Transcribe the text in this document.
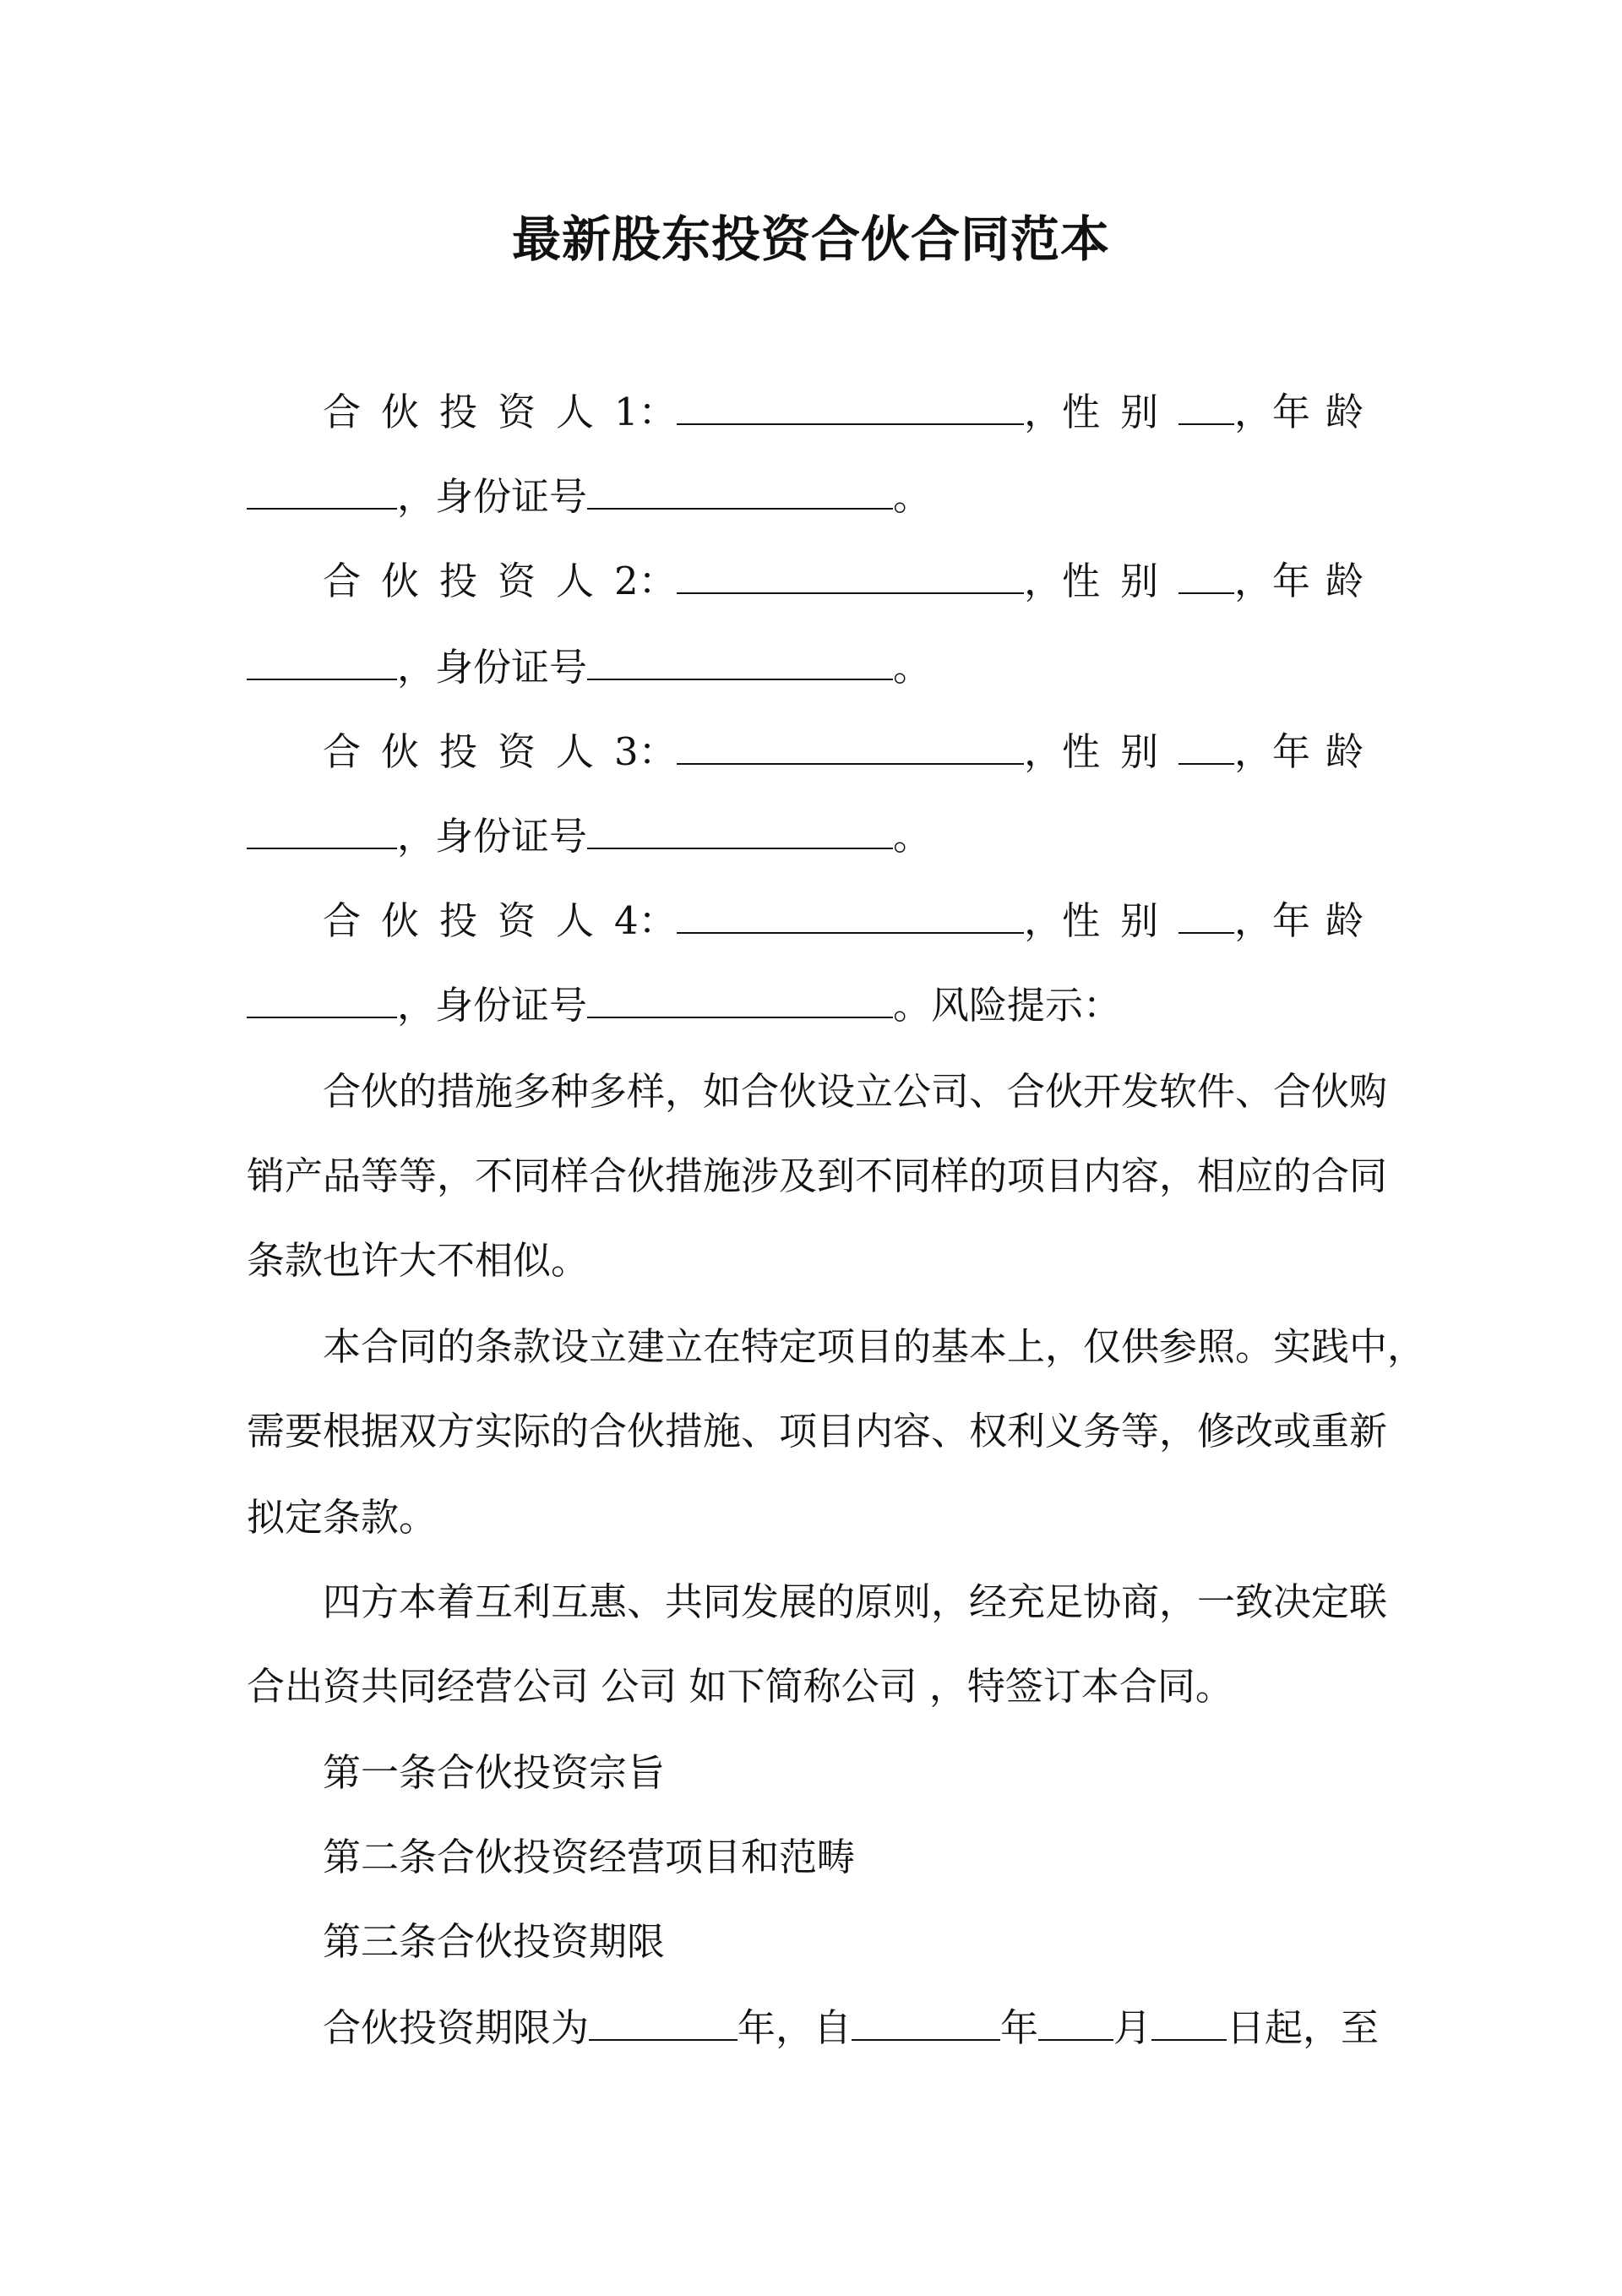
最新股东投资合伙合同范本
合伙投资人 1：	， 性别 ， 年龄
，身份证号	。
合伙投资人 2：	， 性别 ， 年龄
，身份证号	。
合伙投资人 3：	， 性别 ， 年龄
，身份证号	。
合伙投资人 4：	， 性别 ， 年龄
，身份证号	。风险提示：
合伙的措施多种多样，如合伙设立公司、合伙开发软件、合伙购
销产品等等，不同样合伙措施涉及到不同样的项目内容，相应的合同
条款也许大不相似。
本合同的条款设立建立在特定项目的基本上，仅供参照。实践中，
需要根据双方实际的合伙措施、项目内容、权利义务等，修改或重新
拟定条款。
四方本着互利互惠、共同发展的原则，经充足协商，一致决定联
合出资共同经营公司 公司 如下简称公司 ，特签订本合同。
第一条合伙投资宗旨
第二条合伙投资经营项目和范畴
第三条合伙投资期限
合伙投资期限为	年，自	年 月 日起，至
